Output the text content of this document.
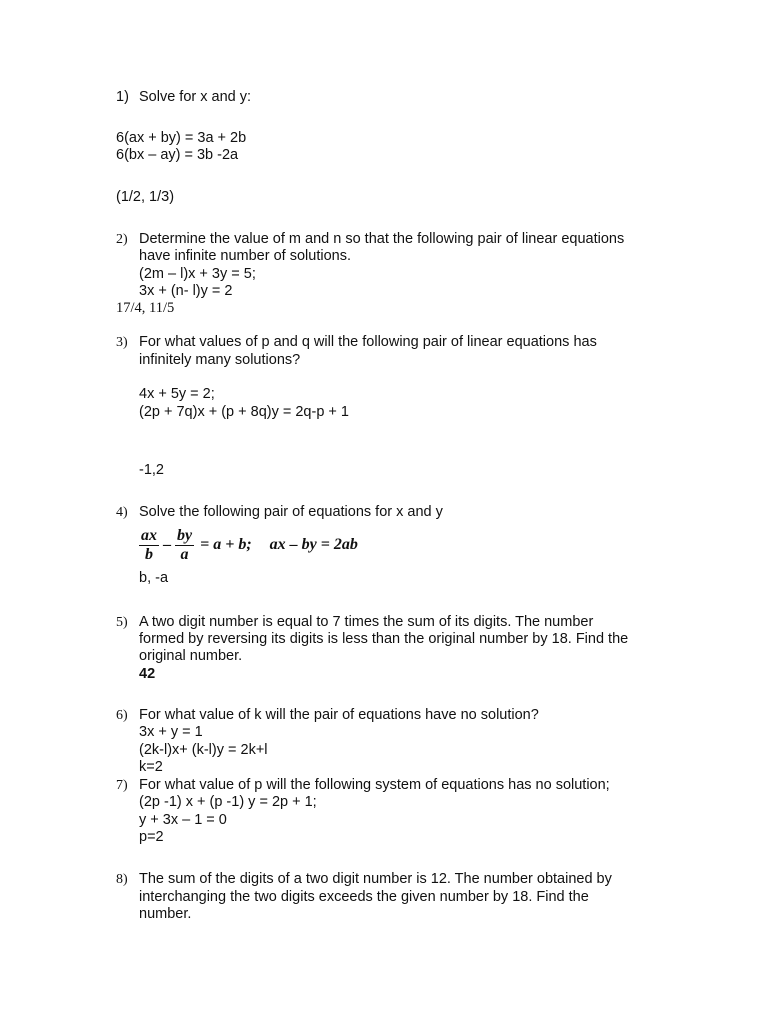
1) Solve for x and y:
6(ax + by) = 3a + 2b
6(bx – ay) = 3b -2a
(1/2, 1/3)
2) Determine the value of m and n so that the following pair of linear equations
have infinite number of solutions.
(2m – l)x + 3y = 5;
3x + (n- l)y = 2
17/4, 11/5
3) For what values of p and q will the following pair of linear equations has
infinitely many solutions?
4x + 5y = 2;
(2p + 7q)x + (p + 8q)y = 2q-p + 1
-1,2
4) Solve the following pair of equations for x and y
$\frac{ax}{b} - \frac{by}{a} = a + b$; ax – by = 2ab
b, -a
5) A two digit number is equal to 7 times the sum of its digits. The number
formed by reversing its digits is less than the original number by 18. Find the
original number.
42
6) For what value of k will the pair of equations have no solution?
3x + y = 1
(2k-l)x+ (k-l)y = 2k+l
k=2
7) For what value of p will the following system of equations has no solution;
(2p -1) x + (p -1) y = 2p + 1;
y + 3x – 1 = 0
p=2
8) The sum of the digits of a two digit number is 12. The number obtained by
interchanging the two digits exceeds the given number by 18. Find the
number.
